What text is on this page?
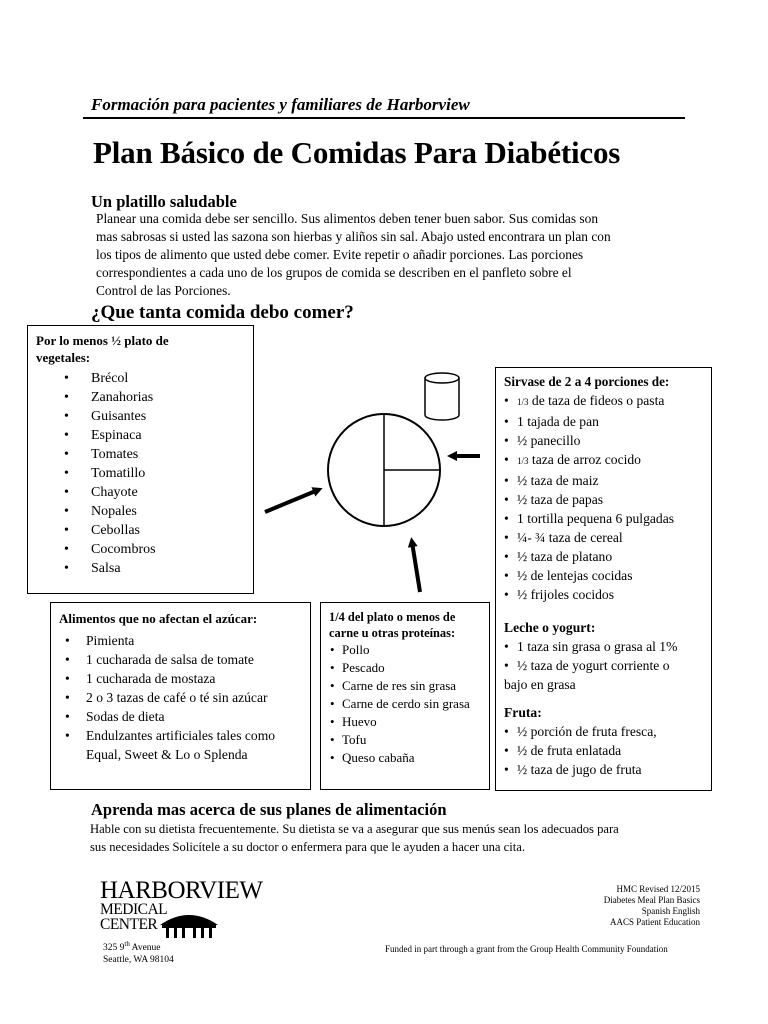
Formación para pacientes y familiares de Harborview
Plan Básico de Comidas Para Diabéticos
Un platillo saludable
Planear una comida debe ser sencillo. Sus alimentos deben tener buen sabor. Sus comidas son
mas sabrosas si usted las sazona son hierbas y aliños sin sal. Abajo usted encontrara un plan con
los tipos de alimento que usted debe comer. Evite repetir o añadir porciones. Las porciones
correspondientes a cada uno de los grupos de comida se describen en el panfleto sobre el
Control de las Porciones.
¿Que tanta comida debo comer?
Por lo menos ½ plato de
vegetales:
• Brécol
• Zanahorias
• Guisantes
• Espinaca
• Tomates
• Tomatillo
• Chayote
• Nopales
• Cebollas
• Cocombros
• Salsa
Sirvase de 2 a 4 porciones de:
• 1/3 de taza de fideos o pasta
• 1 tajada de pan
• ½ panecillo
• 1/3 taza de arroz cocido
• ½ taza de maiz
• ½ taza de papas
• 1 tortilla pequena 6 pulgadas
• ¼- ¾ taza de cereal
• ½ taza de platano
• ½ de lentejas cocidas
• ½ frijoles cocidos
Leche o yogurt:
• 1 taza sin grasa o grasa al 1%
• ½ taza de yogurt corriente o
bajo en grasa
Fruta:
• ½ porción de fruta fresca,
• ½ de fruta enlatada
• ½ taza de jugo de fruta
Alimentos que no afectan el azúcar:
• Pimienta
• 1 cucharada de salsa de tomate
• 1 cucharada de mostaza
• 2 o 3 tazas de café o té sin azúcar
• Sodas de dieta
• Endulzantes artificiales tales como
Equal, Sweet & Lo o Splenda
1/4 del plato o menos de
carne u otras proteínas:
• Pollo
• Pescado
• Carne de res sin grasa
• Carne de cerdo sin grasa
• Huevo
• Tofu
• Queso cabaña
Aprenda mas acerca de sus planes de alimentación
Hable con su dietista frecuentemente. Su dietista se va a asegurar que sus menús sean los adecuados para
sus necesidades Solicítele a su doctor o enfermera para que le ayuden a hacer una cita.
HARBORVIEW
MEDICAL
CENTER
325 9th Avenue
Seattle, WA 98104
HMC Revised 12/2015
Diabetes Meal Plan Basics
Spanish English
AACS Patient Education
Funded in part through a grant from the Group Health Community Foundation
